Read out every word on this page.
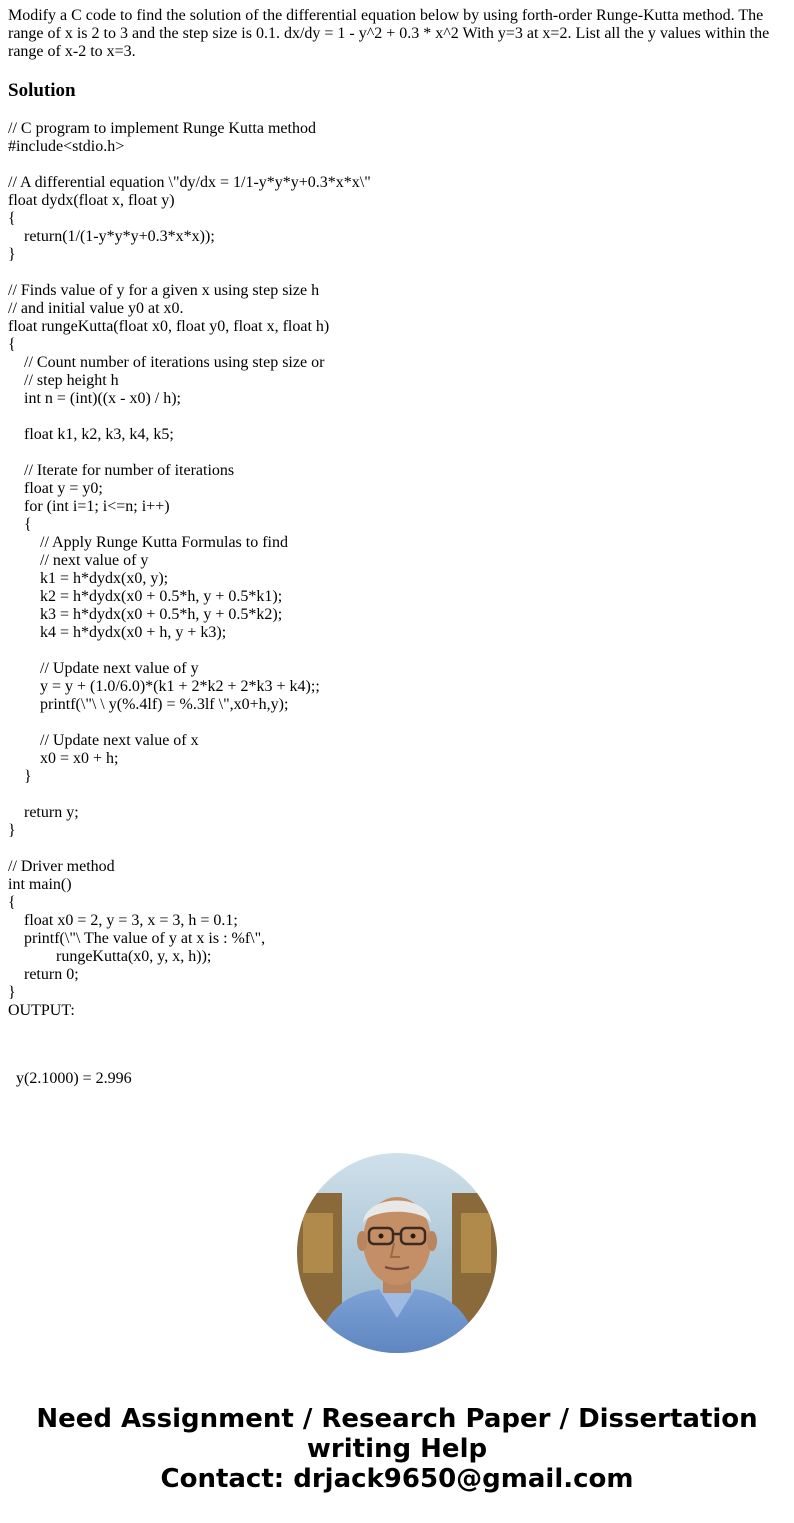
Modify a C code to find the solution of the differential equation below by using forth-order Runge-Kutta method. The range of x is 2 to 3 and the step size is 0.1. dx/dy = 1 - y^2 + 0.3 * x^2 With y=3 at x=2. List all the y values within the range of x-2 to x=3.

Solution
// C program to implement Runge Kutta method
#include<stdio.h>

// A differential equation \"dy/dx = 1/1-y*y*y+0.3*x*x\"
float dydx(float x, float y)
{
return(1/(1-y*y*y+0.3*x*x));
}

// Finds value of y for a given x using step size h
// and initial value y0 at x0.
float rungeKutta(float x0, float y0, float x, float h)
{
// Count number of iterations using step size or
// step height h
int n = (int)((x - x0) / h);

float k1, k2, k3, k4, k5;

// Iterate for number of iterations
float y = y0;
for (int i=1; i<=n; i++)
{
// Apply Runge Kutta Formulas to find
// next value of y
k1 = h*dydx(x0, y);
k2 = h*dydx(x0 + 0.5*h, y + 0.5*k1);
k3 = h*dydx(x0 + 0.5*h, y + 0.5*k2);
k4 = h*dydx(x0 + h, y + k3);

// Update next value of y
y = y + (1.0/6.0)*(k1 + 2*k2 + 2*k3 + k4);;
printf(\"\ \ y(%.4lf) = %.3lf \",x0+h,y);

// Update next value of x
x0 = x0 + h;
}

return y;
}

// Driver method
int main()
{
float x0 = 2, y = 3, x = 3, h = 0.1;
printf(\"\ The value of y at x is : %f\",
rungeKutta(x0, y, x, h));
return 0;
}

OUTPUT:

y(2.1000) = 2.996

Need Assignment / Research Paper / Dissertation
writing Help
Contact: drjack9650@gmail.com
